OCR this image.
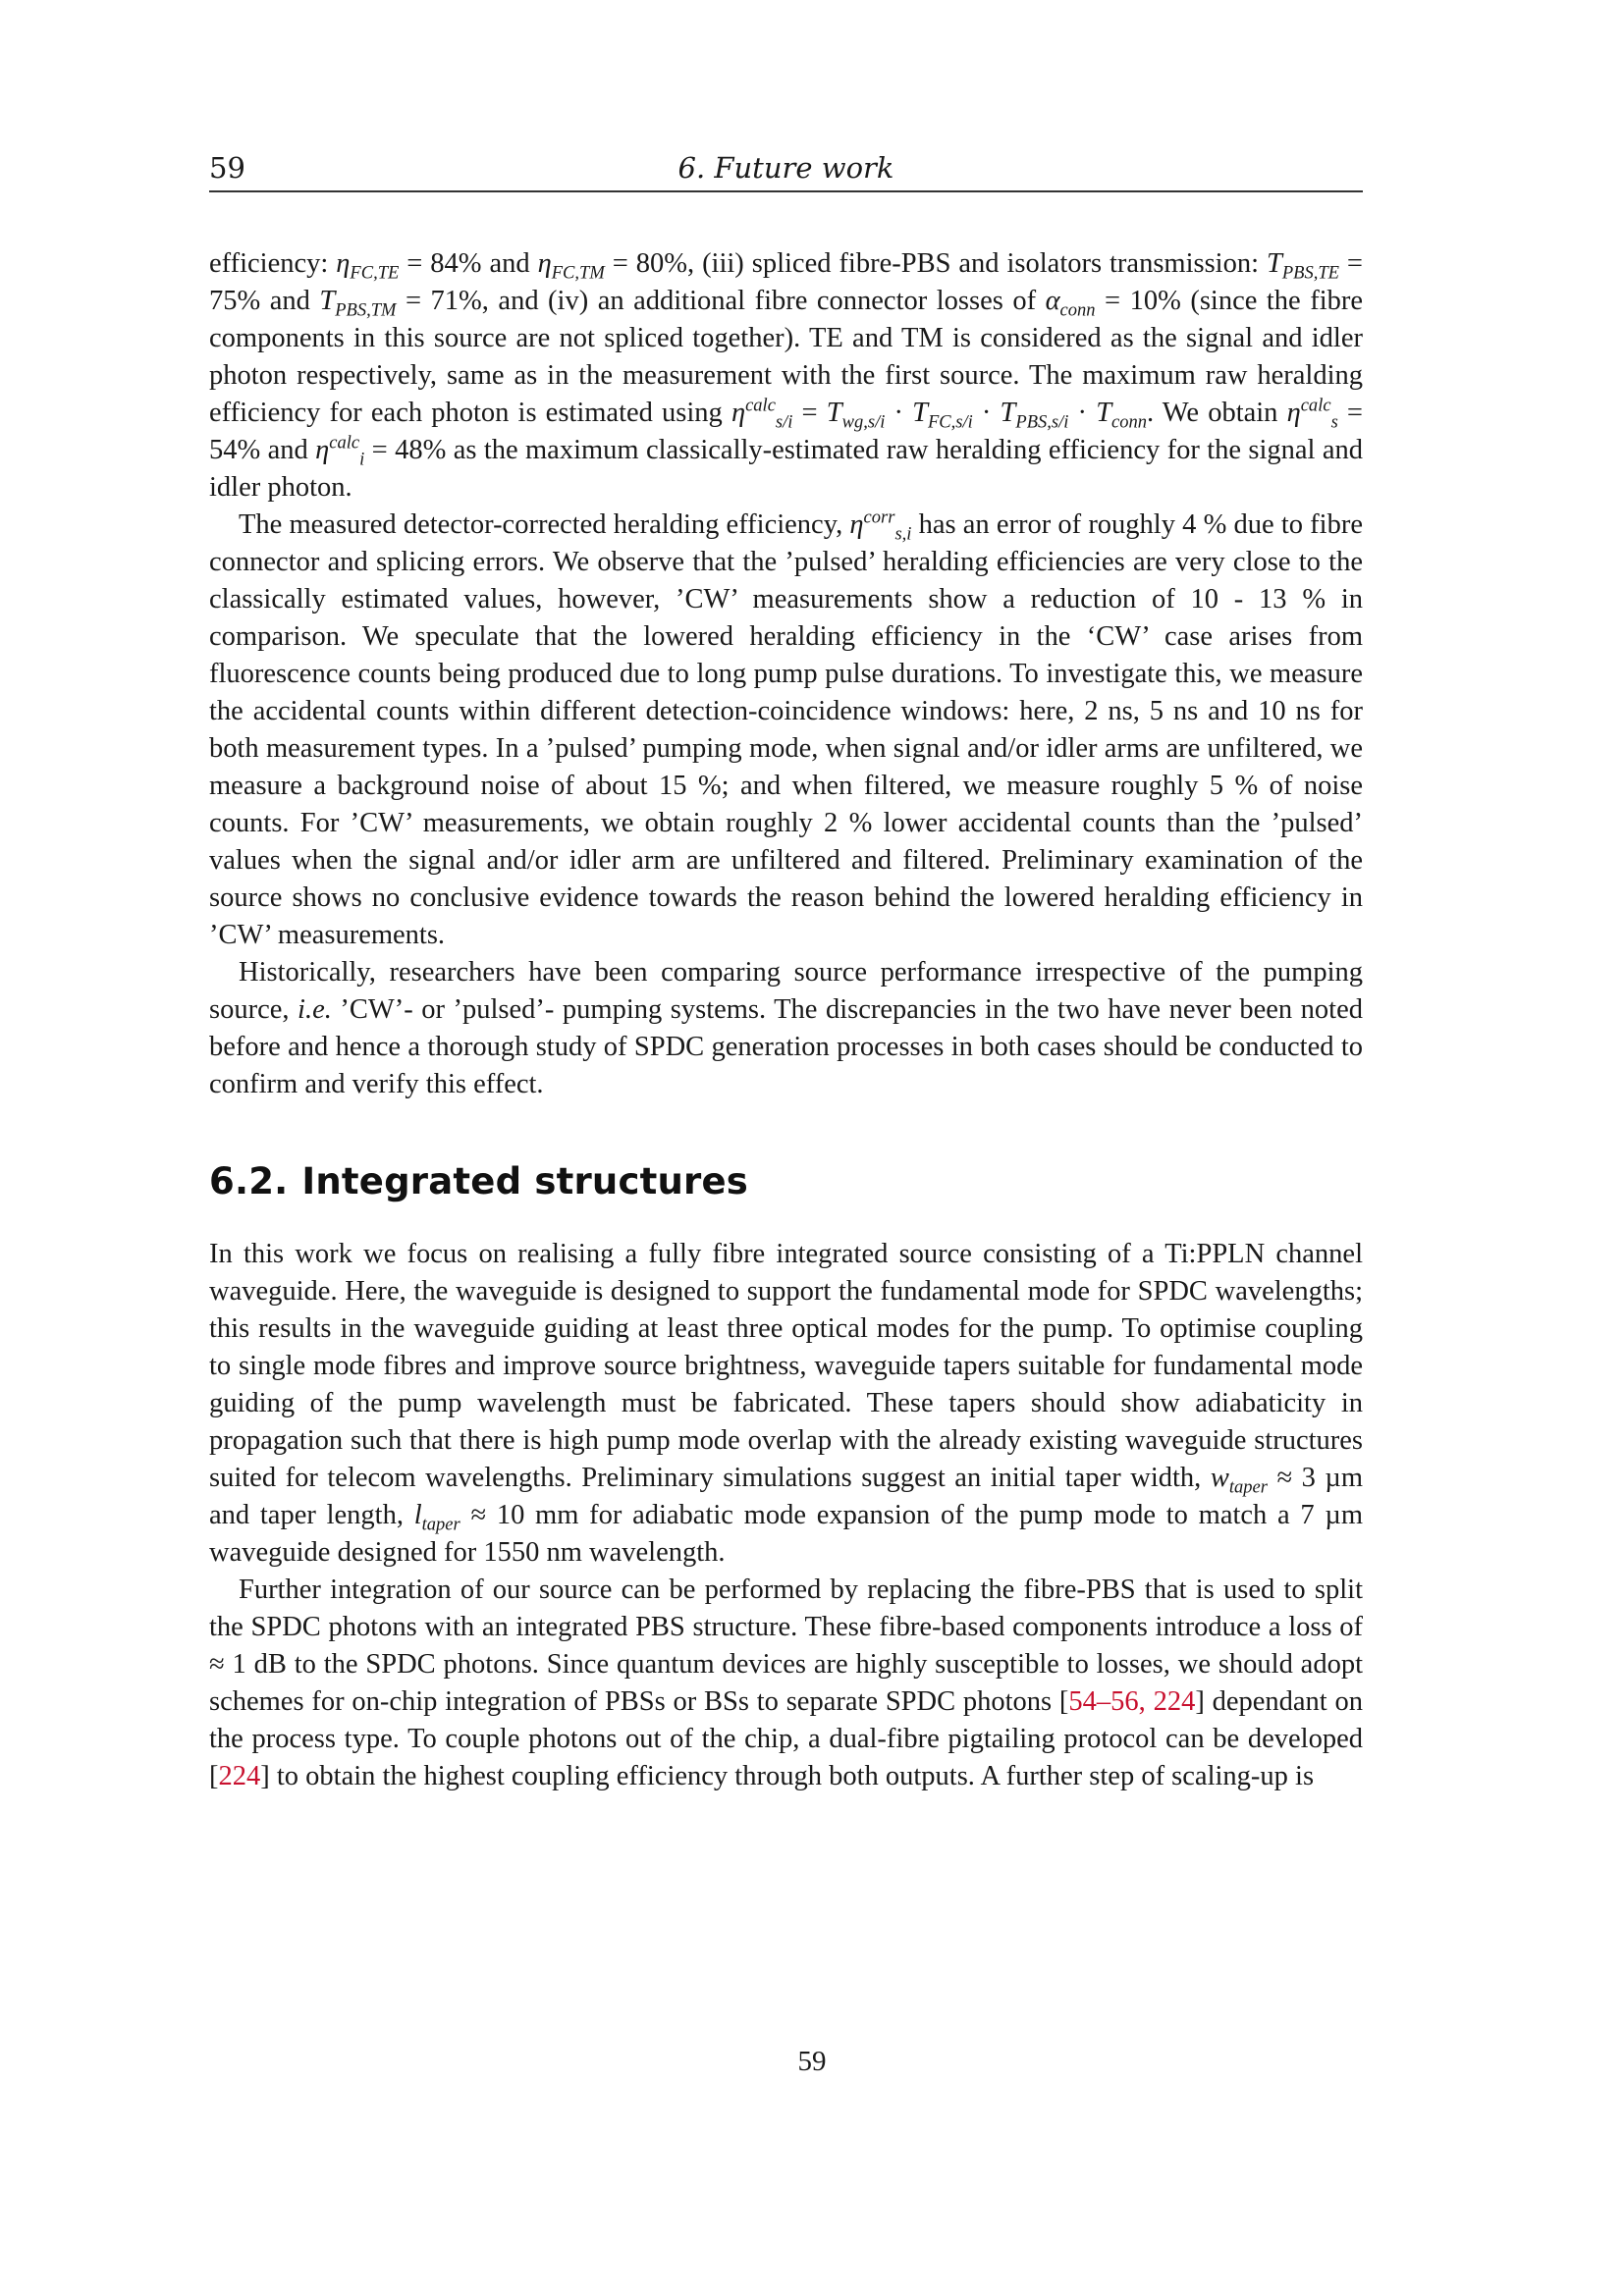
59	6. Future work

efficiency: $\eta_{FC,TE} = 84\%$ and $\eta_{FC,TM} = 80\%$, (iii) spliced fibre-PBS and isolators transmission: $T_{PBS,TE} = 75\%$ and $T_{PBS,TM} = 71\%$, and (iv) an additional fibre connector losses of $\alpha_{conn} = 10\%$ (since the fibre components in this source are not spliced together). TE and TM is considered as the signal and idler photon respectively, same as in the measurement with the first source. The maximum raw heralding efficiency for each photon is estimated using $\eta^{calc}_{s/i} = T_{wg,s/i} \cdot T_{FC,s/i} \cdot T_{PBS,s/i} \cdot T_{conn}$. We obtain $\eta^{calc}_s = 54\%$ and $\eta^{calc}_i = 48\%$ as the maximum classically-estimated raw heralding efficiency for the signal and idler photon.

The measured detector-corrected heralding efficiency, $\eta^{corr}_{s,i}$ has an error of roughly 4 % due to fibre connector and splicing errors. We observe that the ’pulsed’ heralding efficiencies are very close to the classically estimated values, however, ’CW’ measurements show a reduction of 10 - 13 % in comparison. We speculate that the lowered heralding efficiency in the ‘CW’ case arises from fluorescence counts being produced due to long pump pulse durations. To investigate this, we measure the accidental counts within different detection-coincidence windows: here, 2 ns, 5 ns and 10 ns for both measurement types. In a ’pulsed’ pumping mode, when signal and/or idler arms are unfiltered, we measure a background noise of about 15 %; and when filtered, we measure roughly 5 % of noise counts. For ’CW’ measurements, we obtain roughly 2 % lower accidental counts than the ’pulsed’ values when the signal and/or idler arm are unfiltered and filtered. Preliminary examination of the source shows no conclusive evidence towards the reason behind the lowered heralding efficiency in ’CW’ measurements.

Historically, researchers have been comparing source performance irrespective of the pumping source, i.e. ’CW’- or ’pulsed’- pumping systems. The discrepancies in the two have never been noted before and hence a thorough study of SPDC generation processes in both cases should be conducted to confirm and verify this effect.

6.2. Integrated structures

In this work we focus on realising a fully fibre integrated source consisting of a Ti:PPLN channel waveguide. Here, the waveguide is designed to support the fundamental mode for SPDC wavelengths; this results in the waveguide guiding at least three optical modes for the pump. To optimise coupling to single mode fibres and improve source brightness, waveguide tapers suitable for fundamental mode guiding of the pump wavelength must be fabricated. These tapers should show adiabaticity in propagation such that there is high pump mode overlap with the already existing waveguide structures suited for telecom wavelengths. Preliminary simulations suggest an initial taper width, $w_{taper} \approx 3$ µm and taper length, $l_{taper} \approx 10$ mm for adiabatic mode expansion of the pump mode to match a 7 µm waveguide designed for 1550 nm wavelength.

Further integration of our source can be performed by replacing the fibre-PBS that is used to split the SPDC photons with an integrated PBS structure. These fibre-based components introduce a loss of ≈ 1 dB to the SPDC photons. Since quantum devices are highly susceptible to losses, we should adopt schemes for on-chip integration of PBSs or BSs to separate SPDC photons [54–56, 224] dependant on the process type. To couple photons out of the chip, a dual-fibre pigtailing protocol can be developed [224] to obtain the highest coupling efficiency through both outputs. A further step of scaling-up is

59
